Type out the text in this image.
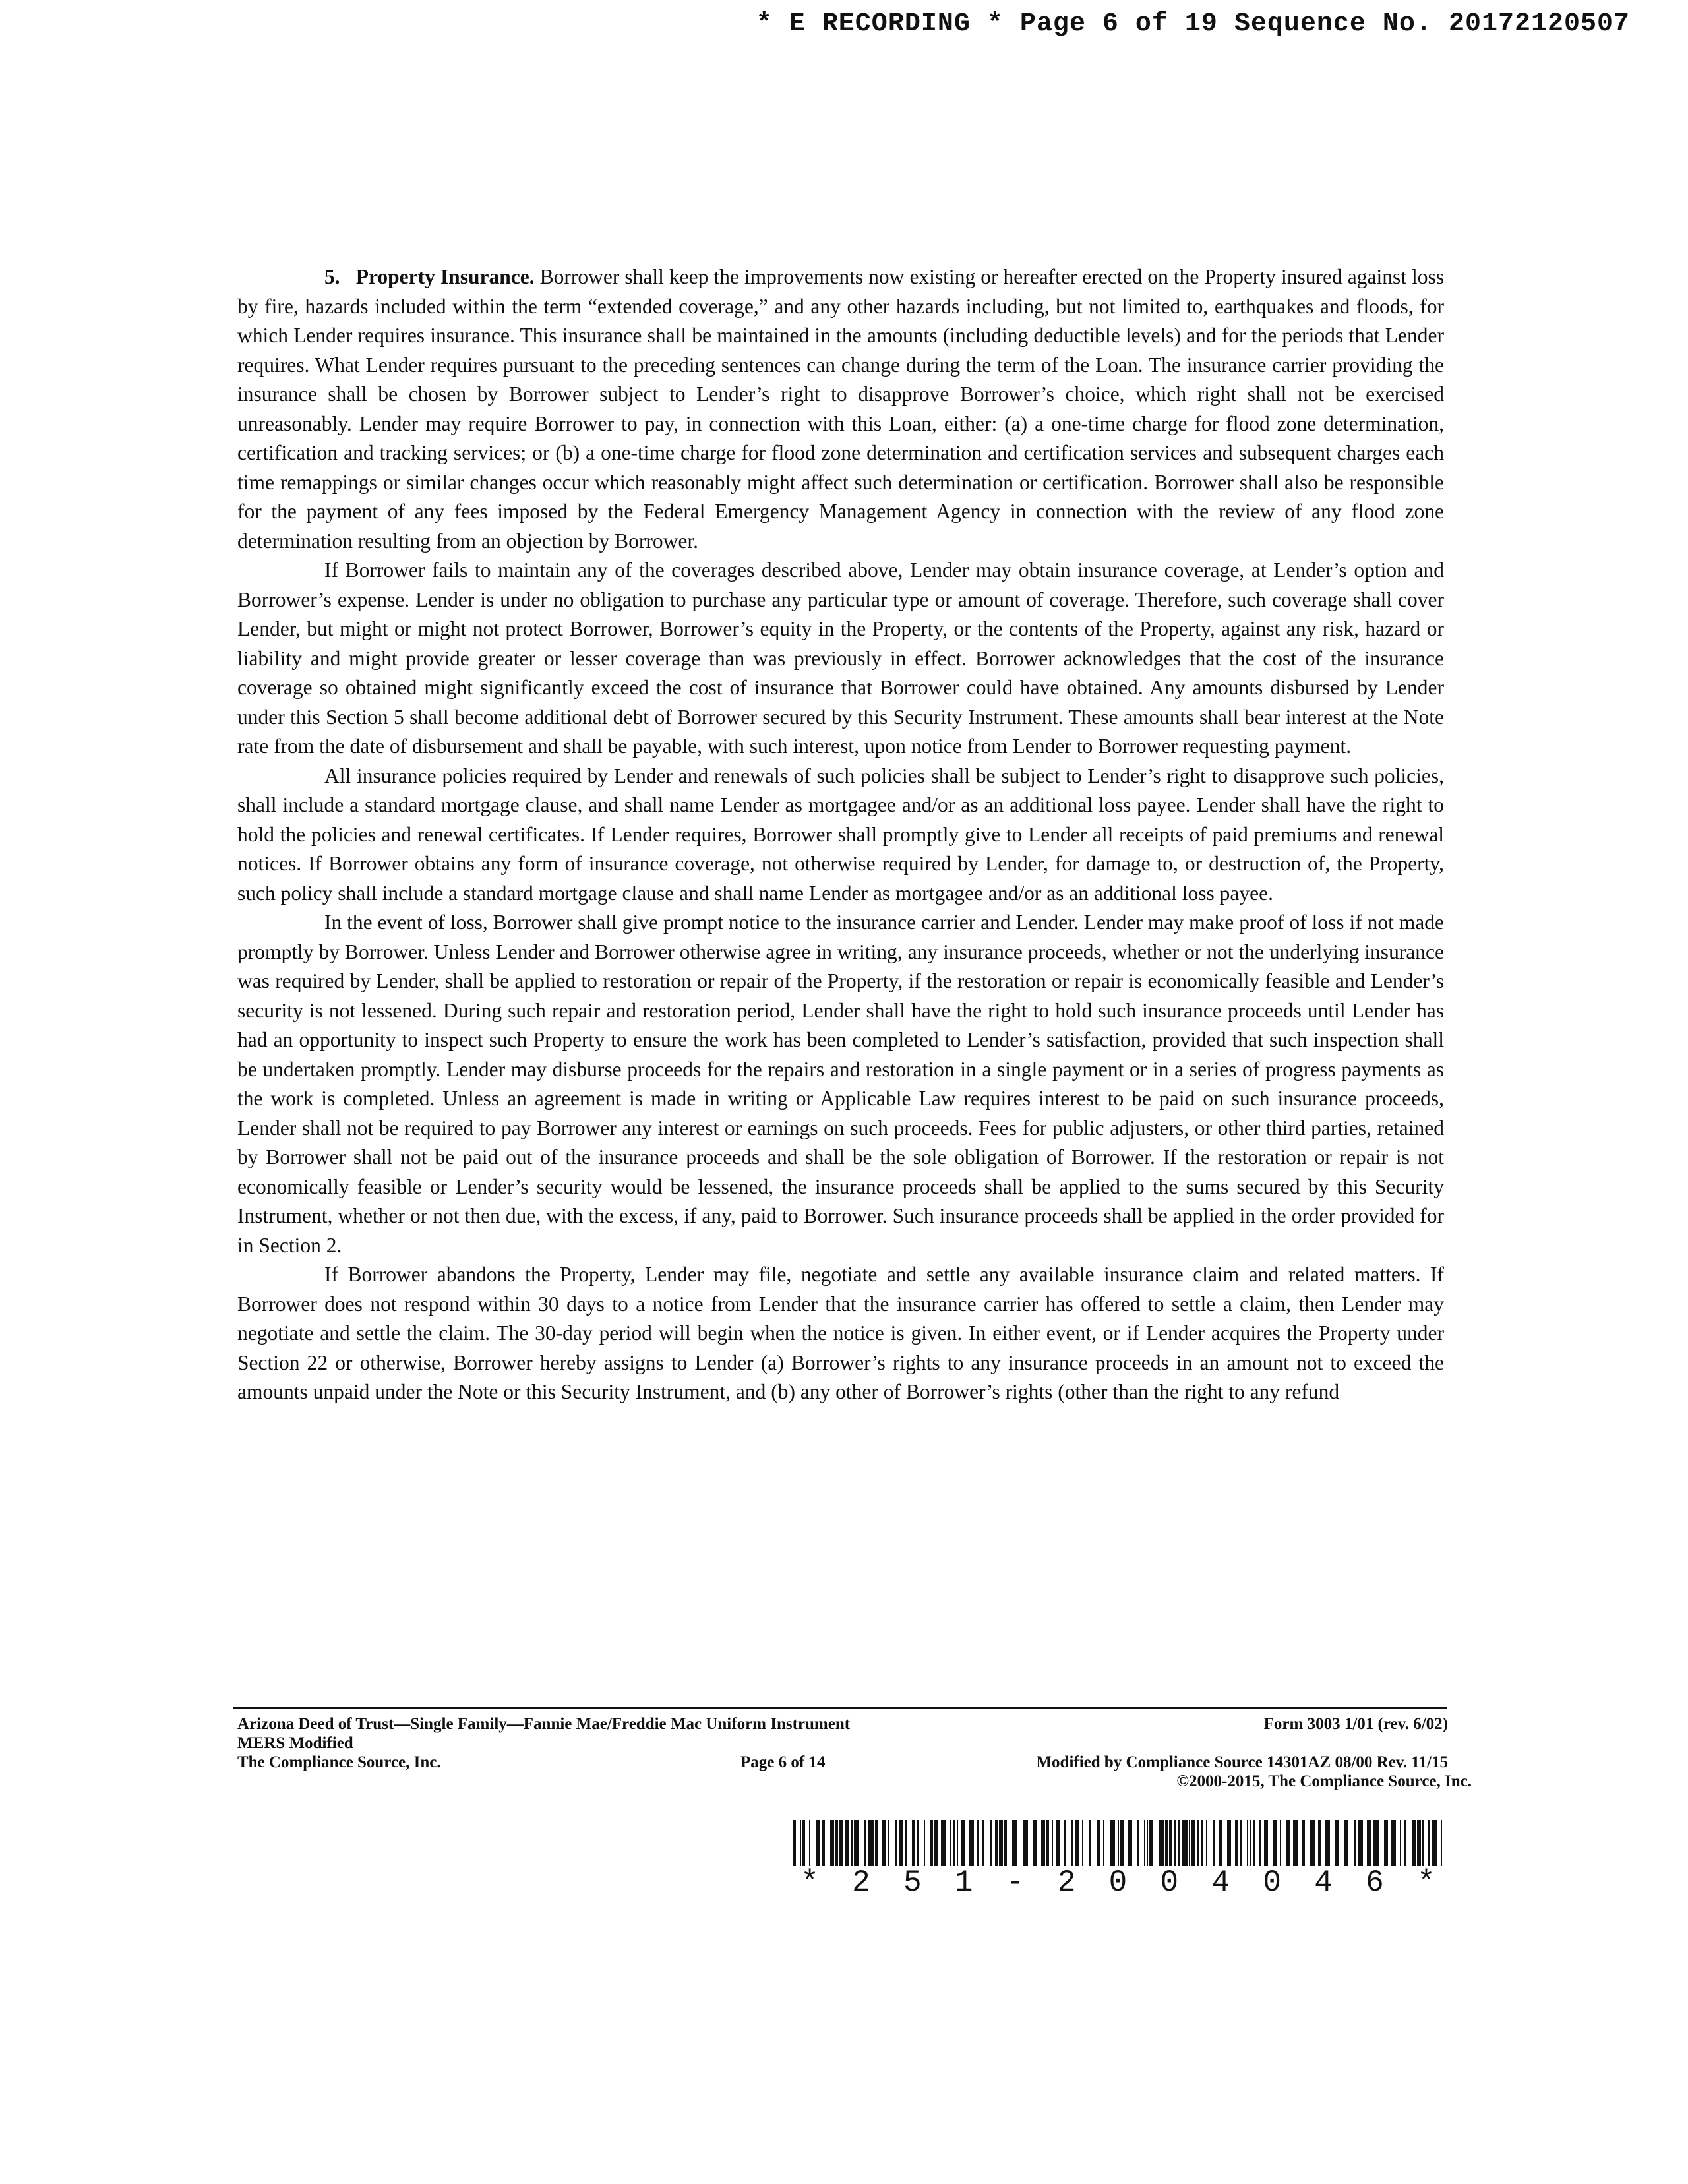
* E RECORDING * Page 6 of 19 Sequence No. 20172120507

5. Property Insurance. Borrower shall keep the improvements now existing or hereafter erected on the Property insured against loss by fire, hazards included within the term “extended coverage,” and any other hazards including, but not limited to, earthquakes and floods, for which Lender requires insurance. This insurance shall be maintained in the amounts (including deductible levels) and for the periods that Lender requires. What Lender requires pursuant to the preceding sentences can change during the term of the Loan. The insurance carrier providing the insurance shall be chosen by Borrower subject to Lender’s right to disapprove Borrower’s choice, which right shall not be exercised unreasonably. Lender may require Borrower to pay, in connection with this Loan, either: (a) a one-time charge for flood zone determination, certification and tracking services; or (b) a one-time charge for flood zone determination and certification services and subsequent charges each time remappings or similar changes occur which reasonably might affect such determination or certification. Borrower shall also be responsible for the payment of any fees imposed by the Federal Emergency Management Agency in connection with the review of any flood zone determination resulting from an objection by Borrower.

If Borrower fails to maintain any of the coverages described above, Lender may obtain insurance coverage, at Lender’s option and Borrower’s expense. Lender is under no obligation to purchase any particular type or amount of coverage. Therefore, such coverage shall cover Lender, but might or might not protect Borrower, Borrower’s equity in the Property, or the contents of the Property, against any risk, hazard or liability and might provide greater or lesser coverage than was previously in effect. Borrower acknowledges that the cost of the insurance coverage so obtained might significantly exceed the cost of insurance that Borrower could have obtained. Any amounts disbursed by Lender under this Section 5 shall become additional debt of Borrower secured by this Security Instrument. These amounts shall bear interest at the Note rate from the date of disbursement and shall be payable, with such interest, upon notice from Lender to Borrower requesting payment.

All insurance policies required by Lender and renewals of such policies shall be subject to Lender’s right to disapprove such policies, shall include a standard mortgage clause, and shall name Lender as mortgagee and/or as an additional loss payee. Lender shall have the right to hold the policies and renewal certificates. If Lender requires, Borrower shall promptly give to Lender all receipts of paid premiums and renewal notices. If Borrower obtains any form of insurance coverage, not otherwise required by Lender, for damage to, or destruction of, the Property, such policy shall include a standard mortgage clause and shall name Lender as mortgagee and/or as an additional loss payee.

In the event of loss, Borrower shall give prompt notice to the insurance carrier and Lender. Lender may make proof of loss if not made promptly by Borrower. Unless Lender and Borrower otherwise agree in writing, any insurance proceeds, whether or not the underlying insurance was required by Lender, shall be applied to restoration or repair of the Property, if the restoration or repair is economically feasible and Lender’s security is not lessened. During such repair and restoration period, Lender shall have the right to hold such insurance proceeds until Lender has had an opportunity to inspect such Property to ensure the work has been completed to Lender’s satisfaction, provided that such inspection shall be undertaken promptly. Lender may disburse proceeds for the repairs and restoration in a single payment or in a series of progress payments as the work is completed. Unless an agreement is made in writing or Applicable Law requires interest to be paid on such insurance proceeds, Lender shall not be required to pay Borrower any interest or earnings on such proceeds. Fees for public adjusters, or other third parties, retained by Borrower shall not be paid out of the insurance proceeds and shall be the sole obligation of Borrower. If the restoration or repair is not economically feasible or Lender’s security would be lessened, the insurance proceeds shall be applied to the sums secured by this Security Instrument, whether or not then due, with the excess, if any, paid to Borrower. Such insurance proceeds shall be applied in the order provided for in Section 2.

If Borrower abandons the Property, Lender may file, negotiate and settle any available insurance claim and related matters. If Borrower does not respond within 30 days to a notice from Lender that the insurance carrier has offered to settle a claim, then Lender may negotiate and settle the claim. The 30-day period will begin when the notice is given. In either event, or if Lender acquires the Property under Section 22 or otherwise, Borrower hereby assigns to Lender (a) Borrower’s rights to any insurance proceeds in an amount not to exceed the amounts unpaid under the Note or this Security Instrument, and (b) any other of Borrower’s rights (other than the right to any refund

Arizona Deed of Trust—Single Family—Fannie Mae/Freddie Mac Uniform Instrument	Form 3003 1/01 (rev. 6/02)
MERS Modified
The Compliance Source, Inc.	Page 6 of 14	Modified by Compliance Source 14301AZ 08/00 Rev. 11/15
©2000-2015, The Compliance Source, Inc.
* 2 5 1 - 2 0 0 4 0 4 6 *
